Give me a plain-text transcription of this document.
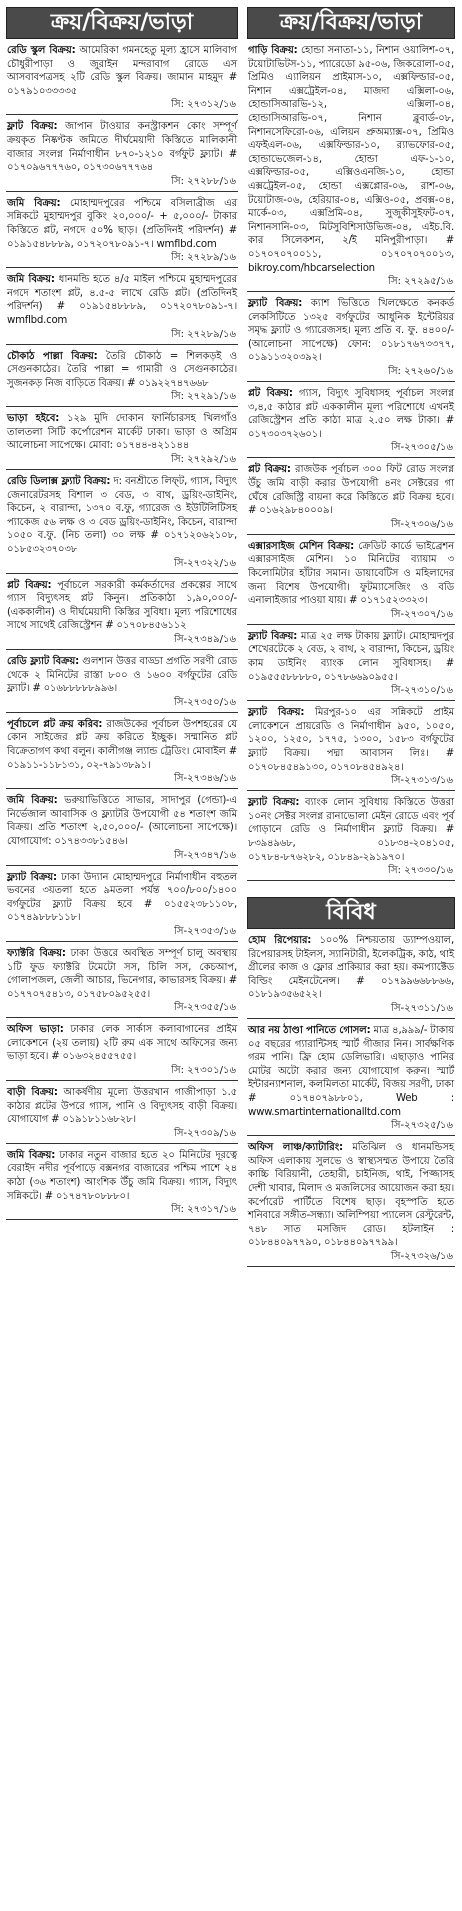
ক্রয়/বিক্রয়/ভাড়া
রেডি স্কুল বিক্রয়: আমেরিকা গমনহেতু মূল্য হ্রাসে মালিবাগ চৌধুরীপাড়া ও জুরাইন মন্দরাবাগ রোডে এস আসবাবপত্রসহ ২টি রেডি স্কুল বিক্রয়। জামান মাহমুদ # ০১৭৯১০৩৩৩৩৫
সি: ২৭৩১২/১৬
ফ্লাট বিক্রয়: জাপান টাওয়ার কনস্ট্রাকশন কোং সম্পূর্ণ ক্রয়কৃত নিষ্কণ্টক জমিতে দীর্ঘমেয়াদী কিস্তিতে মালিকানী বাজার সংলগ্ন নির্মাণাধীন ৮৭০-১২১০ বর্গফুট ফ্ল্যাট। # ০১৭০৯৬৭৭৭৬০, ০১৭৩০৬৭৭৭৬৪
সি: ২৭২৮৮/১৬
জমি বিক্রয়: মোহাম্মদপুরের পশ্চিমে বসিলাব্রীজ এর সন্নিকটে মুহাম্মদপুর বুকিং ২০,০০০/- + ৫,০০০/- টাকার কিস্তিতে প্লট, নগদে ৫০% ছাড়। (প্রতিদিনই পরিদর্শন) # ০১৯১৫৪৮৮৮৯, ০১৭২০৭৮০৯১-৭। wmflbd.com
সি: ২৭২৮৯/১৬
জমি বিক্রয়: ধানমন্ডি হতে ৪/৫ মাইল পশ্চিমে মুহাম্মদপুরের নগদে শতাংশ প্লট, ৪.৫-৫ লাখে রেডি প্লট। (প্রতিদিনই পরিদর্শন) # ০১৯১৫৪৮৮৮৯, ০১৭২০৭৮০৯১-৭। wmflbd.com
সি: ২৭২৮৯/১৬
চৌকাঠ পাল্লা বিক্রয়: তৈরি চৌকাঠ = শিলকড়ই ও সেগুনকাঠের। তৈরি পাল্লা = গামারী ও সেগুনকাঠের। সুজনকড় নিজ বাড়িতে বিক্রয়। # ০১৯২২৭৪৭৬৬৮
সি: ২৭২৯১/১৬
ভাড়া হইবে: ১২৯ মুদি দোকান ফার্নিচারসহ খিলগাঁও তালতলা সিটি কর্পোরেশন মার্কেট ঢাকা। ভাড়া ও অগ্রিম আলোচনা সাপেক্ষে। মোবা: ০১৭৪৪-৪২১১৪৪
সি: ২৭২৯২/১৬
রেডি ডিলাক্স ফ্ল্যাট বিক্রয়: দ: বনশ্রীতে লিফ্‌ট, গ্যাস, বিদ্যুৎ জেনারেটরসহ বিশাল ৩ বেড, ৩ বাথ, ড্রয়িং-ডাইনিং, কিচেন, ২ বারান্দা, ১৩৭০ ব.ফু, গ্যারেজ ও ইউটিলিটিসহ প্যাকেজ ৫৬ লক্ষ ও ৩ বেড ড্রয়িং-ডাইনিং, কিচেন, বারান্দা ১০৫০ ব.ফু. (নিচ তলা) ৩০ লক্ষ # ০১৭১২০৬২১০৮, ০১৮৫৩২৩৭০৩৮
সি-২৭৩২২/১৬
প্লট বিক্রয়: পূর্বাচলে সরকারী কর্মকর্তাদের প্রকল্পের সাথে গ্যাস বিদ্যুৎসহ প্লট কিনুন। প্রতিকাঠা ১,৯০,০০০/- (এককালীন) ও দীর্ঘমেয়াদী কিস্তির সুবিধা। মূল্য পরিশোধের সাথে সাথেই রেজিস্ট্রেশন # ০১৭০৮৪৫৬১১২
সি-২৭৩৪৯/১৬
রেডি ফ্ল্যাট বিক্রয়: গুলশান উত্তর বাড্ডা প্রগতি সরণী রোড থেকে ২ মিনিটের রাস্তা ৮০০ ও ১৬০০ বর্গফুটের রেডি ফ্ল্যাট। # ০১৬৮৮৮৮৮৯৯৬।
সি-২৭৩৫০/১৬
পূর্বাচলে প্লট ক্রয় করিব: রাজউকের পূর্বাচল উপশহরের যে কোন সাইজের প্লট ক্রয় করিতে ইচ্ছুক। সম্মানিত প্লট বিক্রেতাগণ কথা বলুন। কালীগঞ্জ ল্যান্ড ট্রেডিং। মোবাইল # ০১৯১১-১১৮১৩১, ০২-৭৯১৩৮৯১।
সি-২৭৩৪৬/১৬
জমি বিক্রয়: ভরুয়াভিত্তিতে সাভার, সাদাপুর (গেন্ডা)-এ নির্ভেজাল আবাসিক ও ফ্ল্যাটরি উপযোগী ৫৪ শতাংশ জমি বিক্রয়। প্রতি শতাংশ ২,৫০,০০০/- (আলোচনা সাপেক্ষে)। যোগাযোগ: ০১৭৪৩৩৮১৫৪৬।
সি-২৭৩৪৭/১৬
ফ্ল্যাট বিক্রয়: ঢাকা উদ্যান মোহাম্মদপুরে নির্মাণাধীন বহুতল ভবনের ৩য়তলা হতে ৯মতলা পর্যন্ত ৭০০/৮০০/১৪০০ বর্গফুটের ফ্ল্যাট বিক্রয় হবে # ০১৫৫২৩৮১১০৮, ০১৭৪৯৮৮৮১১৮।
সি-২৭৩৫৩/১৬
ফ্যাক্টরি বিক্রয়: ঢাকা উত্তরে অবস্থিত সম্পূর্ণ চালু অবস্থায় ১টি ফুড ফ্যাক্টরি টমেটো সস, চিলি সস, কেচআপ, গোলাপজল, জেলী আচার, ভিনেগার, কাভারসহ বিক্রয়। # ০১৭৭০৭৫৪১৩, ০১৭৫৮০৯৫২৫৫।
সি-২৭৩৫৫/১৬
অফিস ভাড়া: ঢাকার লেক সার্কাস কলাবাগানের প্রাইম লোকেশনে (২য় তলায়) ২টি রুম এক সাথে অফিসের জন্য ভাড়া হবে। # ০১৬৩২৪৫৫৭৫৫।
সি: ২৭৩০১/১৬
বাড়ী বিক্রয়: আকর্ষণীয় মূল্যে উত্তরখান গাজীপাড়া ১.৫ কাঠার প্লটের উপরে গ্যাস, পানি ও বিদ্যুৎসহ বাড়ী বিক্রয়। যোগাযোগ # ০১৯১৮১১৬৮২৮।
সি-২৭৩০৯/১৬
জমি বিক্রয়: ঢাকার নতুন বাজার হতে ২০ মিনিটের দূরত্বে বেরাইদ নদীর পূর্বপাড়ে বক্সনগর বাজারের পশ্চিম পাশে ২৪ কাঠা (৩৬ শতাংশ) আংশিক উঁচু জমি বিক্রয়। গ্যাস, বিদ্যুৎ সন্নিকটে। # ০১৭৪৭৮০৮৮৮০।
সি: ২৭৩১৭/১৬
ক্রয়/বিক্রয়/ভাড়া
গাড়ি বিক্রয়: হোন্ডা সনাতা-১১, নিশান ওয়ালিশ-০৭, টয়োটাভিটস-১১, প্যারেডো ৯৫-০৬, জিকরোলা-০৫, প্রিমিও এ্যালিয়ন প্রাইমাস-১০, এক্সফিল্ডার-০৫, নিশান এক্সট্রেইল-০৪, মাজদা এক্সিলা-০৬, হোন্ডাসিআরভি-১২, এক্সিলা-০৪, হোন্ডাসিআরভি-০৭, নিশান ব্লুবার্ড-০৮, নিশানসেফিরো-০৬, এলিয়ন প্রুঅম্যাক্স-০৭, প্রিমিও এফইএল-০৬, এক্সফিল্ডার-১০, র‍্যাভফোর-০৫, হোন্ডাভেজেল-১৪, হোন্ডা এফ-১-১০, এক্সফিল্ডার-০৫, এক্সিওএনজি-১০, হোন্ডা এক্সট্রেইল-০৫, হোন্ডা এক্সপ্লোর-০৬, রাশ-০৬, টয়োটাজ-০৬, হেরিয়ার-০৪, এক্সিও-০৫, প্রবক্স-০৪, মার্কে-০৩, এক্সপ্রিমি-০৪, সুজুকীসুইফট-০৭, নিশানসানি-০৩, মিটসুবিশিসাউভিজ-০৪, এইচ.বি. কার সিলেকশন, ২/ই মনিপুরীপাড়া। # ০১৭০৭০৭০০১১, ০১৭০৭০৭০০১৩, bikroy.com/hbcarselection
সি: ২৭২৯৫/১৬
ফ্ল্যাট বিক্রয়: ক্যাশ ভিত্তিতে খিলক্ষেতে কনকর্ড লেকসিটিতে ১৩২৫ বর্গফুটের আধুনিক ইন্টেরিয়র সমৃদ্ধ ফ্ল্যাট ও গ্যারেজসহ। মূল্য প্রতি ব. ফু. ৪৪০০/- (আলোচনা সাপেক্ষে) ফোন: ০১৮১৭৬৭৩৩৭৭, ০১৯১১৩২০৩৯২।
সি: ২৭২৬০/১৬
প্লট বিক্রয়: গ্যাস, বিদ্যুৎ সুবিধাসহ পূর্বাচল সংলগ্ন ৩,৪,৫ কাঠার প্লট এককালীন মূল্য পরিশোধে এখনই রেজিস্ট্রেশন প্রতি কাঠা মাত্র ২.৫০ লক্ষ টাকা। # ০১৭৩০৩৭২৬০১।
সি-২৭৩০৫/১৬
প্লট বিক্রয়: রাজউক পূর্বাচল ৩০০ ফিট রোড সংলগ্ন উঁচু জমি বাড়ী করার উপযোগী ৪নং সেক্টরের গা ঘেঁষে রেজিস্ট্রি বায়না করে কিস্তিতে প্লট বিক্রয় হবে। # ০১৬২৯৮৪০০০৯।
সি-২৭৩০৬/১৬
এক্সারসাইজ মেশিন বিক্রয়: ক্রেডিট কার্ডে ভাইব্রেশন এক্সারসাইজ মেশিন। ১০ মিনিটের ব্যায়াম ৩ কিলোমিটার হাঁটার সমান। ডায়াবেটিস ও মহিলাদের জন্য বিশেষ উপযোগী। ফুটম্যাসেজিং ও বডি এনালাইজার পাওয়া যায়। # ০১৭১৫২৩৩২৩।
সি-২৭৩০৭/১৬
ফ্ল্যাট বিক্রয়: মাত্র ২৫ লক্ষ টাকায় ফ্ল্যাট। মোহাম্মদপুর শেখেরটেকে ২ বেড, ২ বাথ, ২ বারান্দা, কিচেন, ড্রয়িং কাম ডাইনিং ব্যাংক লোন সুবিধাসহ। # ০১৯৫৫৫৮৮৮৮০, ০১৭৮৬৬৯০৯৫৫।
সি-২৭৩১০/১৬
ফ্ল্যাট বিক্রয়: মিরপুর-১০ এর সন্নিকটে প্রাইম লোকেশনে প্রায়রেডি ও নির্মাণাধীন ৯৫০, ১০৫০, ১২০০, ১২৫০, ১৭৭৫, ১৩০০, ১৫৮৩ বর্গফুটের ফ্ল্যাট বিক্রয়। পদ্মা আবাসন লিঃ। # ০১৭০৮৪৫৪৯১৩০, ০১৭০৮৪৫৪৯২৪।
সি-২৭৩১৩/১৬
ফ্ল্যাট বিক্রয়: ব্যাংক লোন সুবিধায় কিস্তিতে উত্তরা ১০নং সেক্টর সংলগ্ন রানাভোলা মেইন রোডে এবং পূর্ব গোড়ানে রেডি ও নির্মাণাধীন ফ্ল্যাট বিক্রয়। # ৮৩৯৪৯৬৮, ০১৮৩৪-২০৪১০৫, ০১৭৮৪-৮৭৬২৮২, ০১৮৪৯-২৯১৯৭০।
সি: ২৭৩৩০/১৬
বিবিধ
হোম রিপেয়ার: ১০০% নিশ্চয়তায় ড্যাম্পওয়াল, রিপেয়ারসহ টাইলস, স্যানিটারী, ইলেকট্রিক, কাঠ, থাই গ্রীলের কাজ ও ফ্লোর প্রাকিয়ার করা হয়। কমপ্যাক্টেড বিল্ডিং মেইনটেনেন্স। # ০১৭৯৯৬৬৮৮৬৬, ০১৮১৯৩৫৬৫২২।
সি-২৭৩১১/১৬
আর নয় ঠাণ্ডা পানিতে গোসল: মাত্র ৪,৯৯৯/- টাকায় ০৫ বছরের গ্যারান্টিসহ স্মার্ট গীজার নিন। সার্বক্ষণিক গরম পানি। ফ্রি হোম ডেলিভারি। এছাড়াও পানির মোটর অটো করার জন্য যোগাযোগ করুন। স্মার্ট ইন্টারন্যাশনাল, কলমিলতা মার্কেট, বিজয় সরণী, ঢাকা # ০১৭৪০৭৯৮৮০১, Web : www.smartinternationalltd.com
সি-২৭৩২৫/১৬
অফিস লাঞ্চ/ক্যাটারিং: মতিঝিল ও ধানমন্ডিসহ অফিস এলাকায় সুলভে ও স্বাস্থ্যসম্মত উপায়ে তৈরি কাচ্চি বিরিয়ানী, তেহারী, চাইনিজ, থাই, পিজ্জাসহ দেশী খাবার, মিলাদ ও মজলিসের আয়োজন করা হয়। কর্পোরেট পার্টিতে বিশেষ ছাড়। বৃহস্পতি হতে শনিবারে সঙ্গীত-সন্ধ্যা। অলিম্পিয়া প্যালেস রেস্টুরেন্ট, ৭৪৮ সাত মসজিদ রোড। হটলাইন : ০১৮৪৪০৯৭৭৯০, ০১৮৪৪০৯৭৭৯৯।
সি-২৭৩২৬/১৬
